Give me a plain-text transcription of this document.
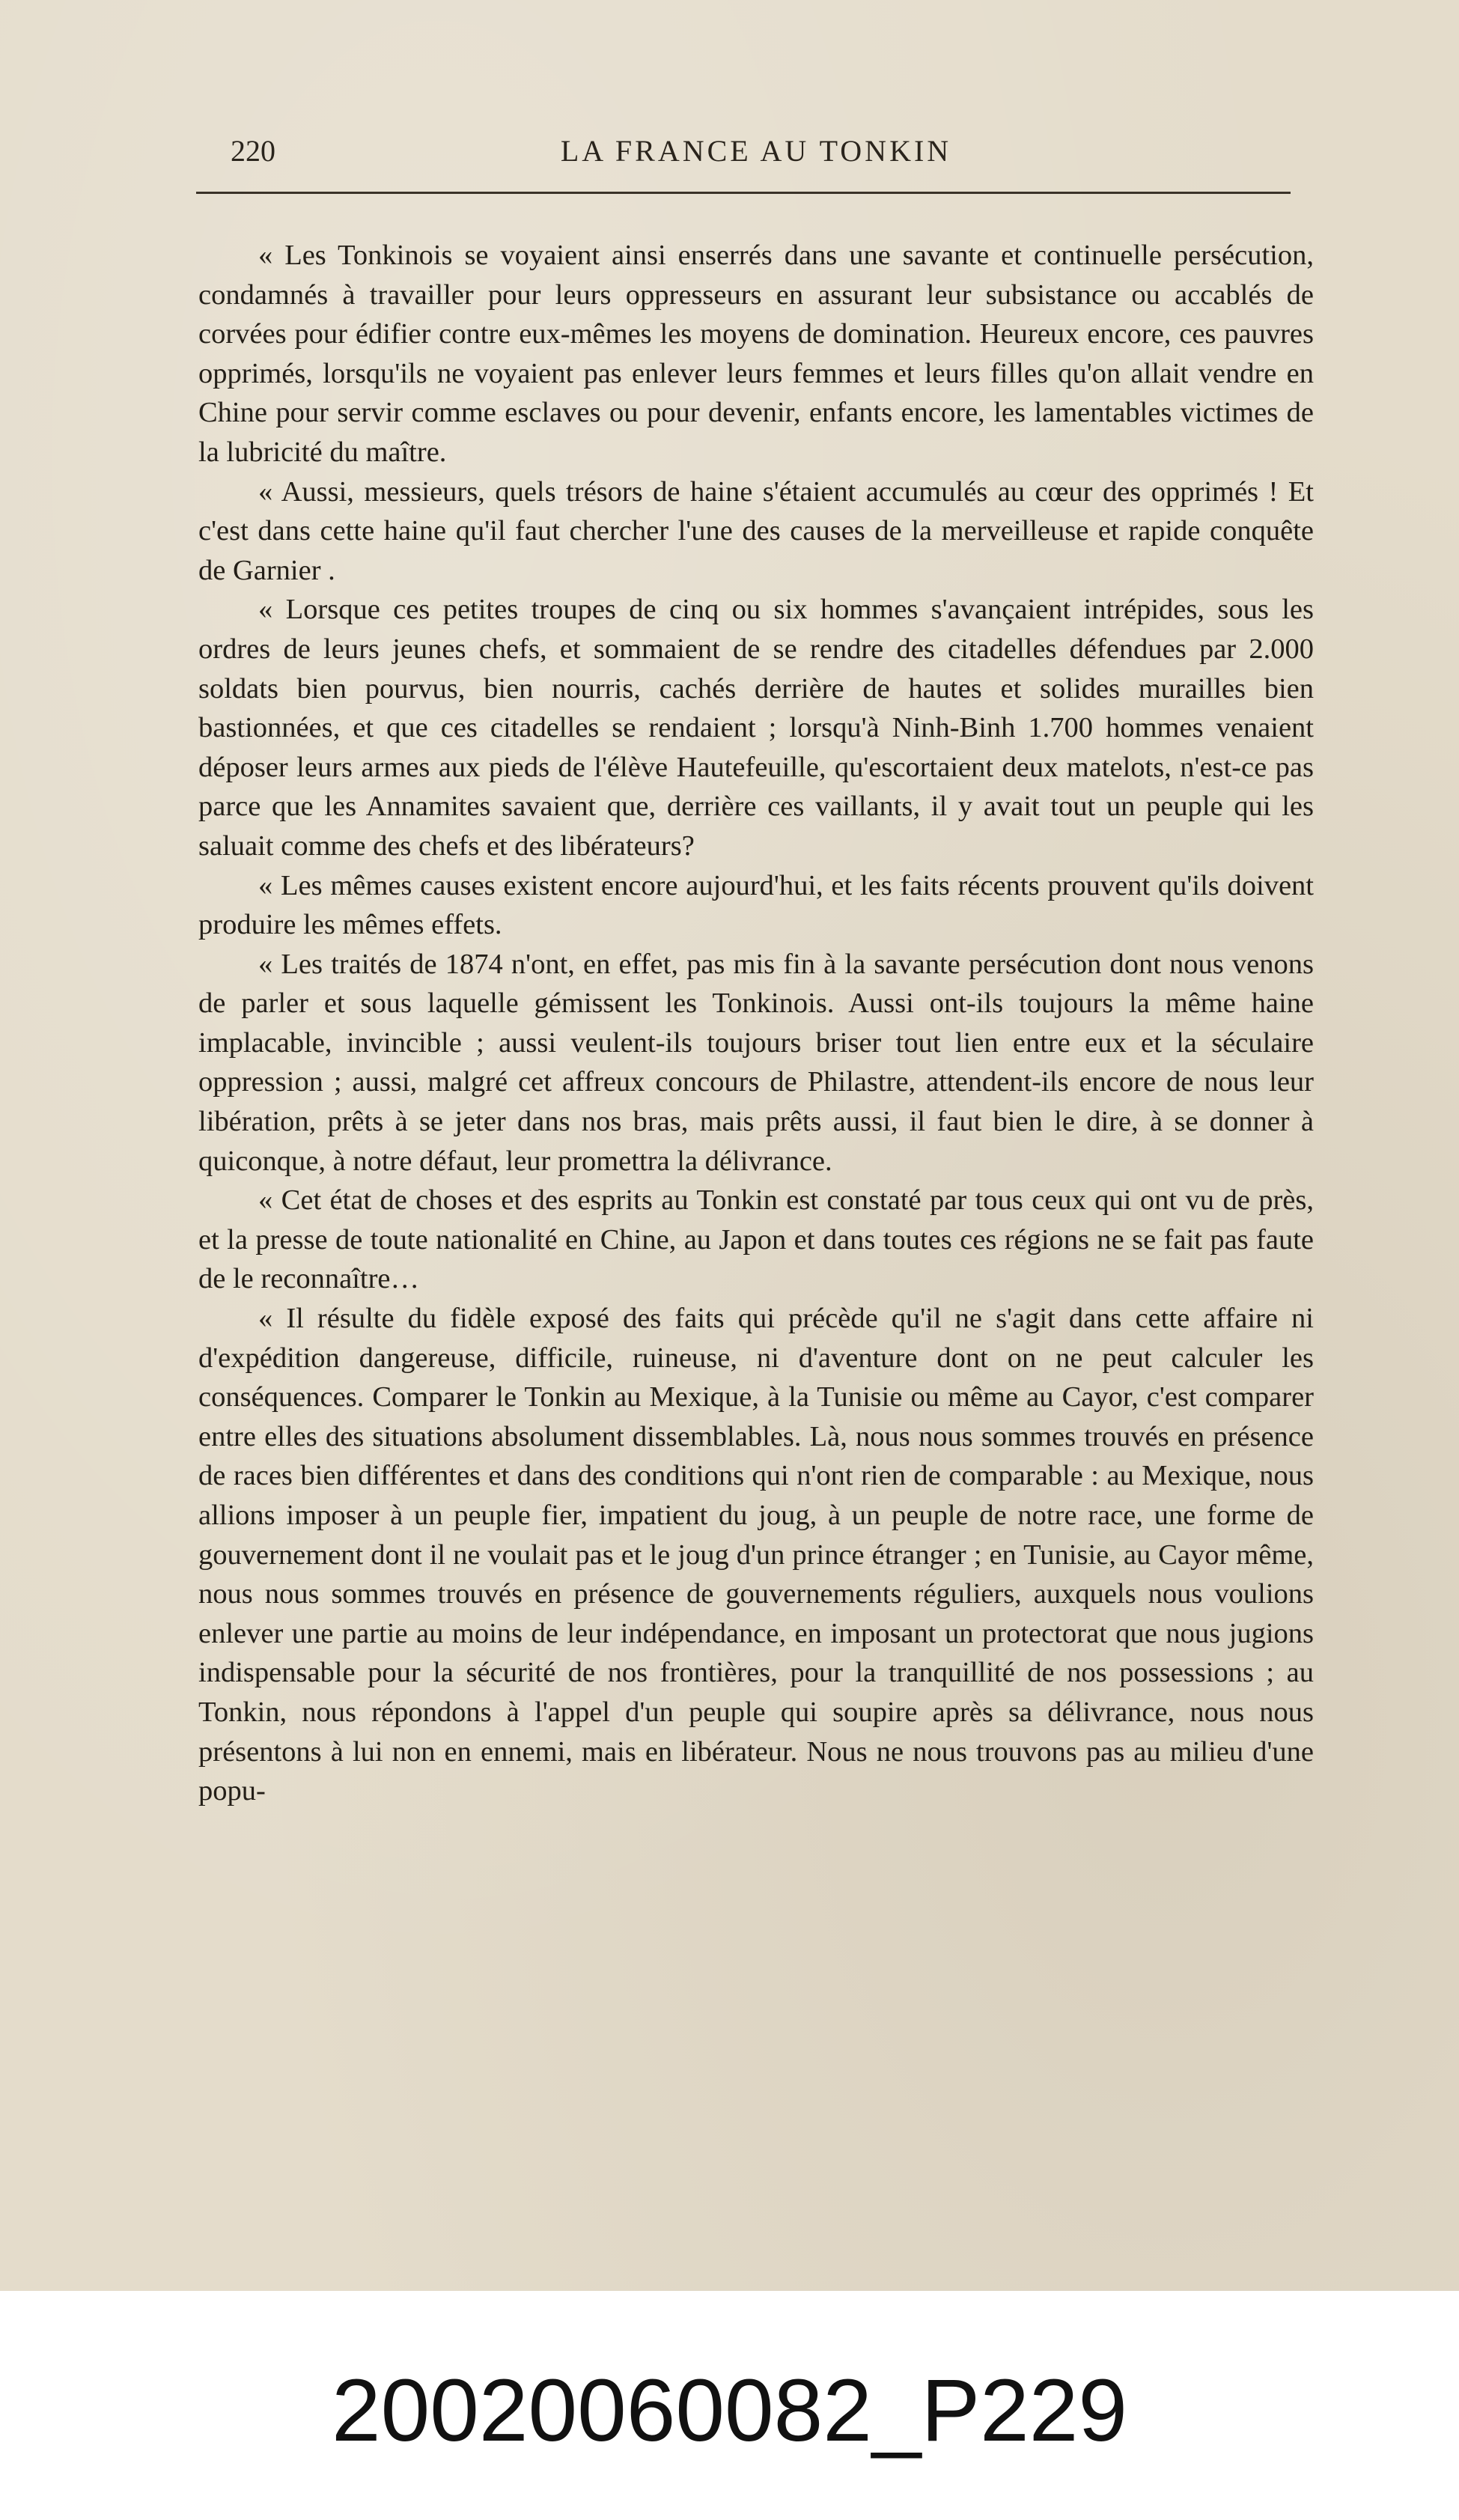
220	LA FRANCE AU TONKIN

« Les Tonkinois se voyaient ainsi enserrés dans une savante et continuelle persécution, condamnés à travailler pour leurs oppresseurs en assurant leur subsistance ou accablés de corvées pour édifier contre eux-mêmes les moyens de domination. Heureux encore, ces pauvres opprimés, lorsqu'ils ne voyaient pas enlever leurs femmes et leurs filles qu'on allait vendre en Chine pour servir comme esclaves ou pour devenir, enfants encore, les lamentables victimes de la lubricité du maître.

« Aussi, messieurs, quels trésors de haine s'étaient accumulés au cœur des opprimés ! Et c'est dans cette haine qu'il faut chercher l'une des causes de la merveilleuse et rapide conquête de Garnier .

« Lorsque ces petites troupes de cinq ou six hommes s'avançaient intrépides, sous les ordres de leurs jeunes chefs, et sommaient de se rendre des citadelles défendues par 2.000 soldats bien pourvus, bien nourris, cachés derrière de hautes et solides murailles bien bastionnées, et que ces citadelles se rendaient ; lorsqu'à Ninh-Binh 1.700 hommes venaient déposer leurs armes aux pieds de l'élève Hautefeuille, qu'escortaient deux matelots, n'est-ce pas parce que les Annamites savaient que, derrière ces vaillants, il y avait tout un peuple qui les saluait comme des chefs et des libérateurs?

« Les mêmes causes existent encore aujourd'hui, et les faits récents prouvent qu'ils doivent produire les mêmes effets.

« Les traités de 1874 n'ont, en effet, pas mis fin à la savante persécution dont nous venons de parler et sous laquelle gémissent les Tonkinois. Aussi ont-ils toujours la même haine implacable, invincible ; aussi veulent-ils toujours briser tout lien entre eux et la séculaire oppression ; aussi, malgré cet affreux concours de Philastre, attendent-ils encore de nous leur libération, prêts à se jeter dans nos bras, mais prêts aussi, il faut bien le dire, à se donner à quiconque, à notre défaut, leur promettra la délivrance.

« Cet état de choses et des esprits au Tonkin est constaté par tous ceux qui ont vu de près, et la presse de toute nationalité en Chine, au Japon et dans toutes ces régions ne se fait pas faute de le reconnaître…

« Il résulte du fidèle exposé des faits qui précède qu'il ne s'agit dans cette affaire ni d'expédition dangereuse, difficile, ruineuse, ni d'aventure dont on ne peut calculer les conséquences. Comparer le Tonkin au Mexique, à la Tunisie ou même au Cayor, c'est comparer entre elles des situations absolument dissemblables. Là, nous nous sommes trouvés en présence de races bien différentes et dans des conditions qui n'ont rien de comparable : au Mexique, nous allions imposer à un peuple fier, impatient du joug, à un peuple de notre race, une forme de gouvernement dont il ne voulait pas et le joug d'un prince étranger ; en Tunisie, au Cayor même, nous nous sommes trouvés en présence de gouvernements réguliers, auxquels nous voulions enlever une partie au moins de leur indépendance, en imposant un protectorat que nous jugions indispensable pour la sécurité de nos frontières, pour la tranquillité de nos possessions ; au Tonkin, nous répondons à l'appel d'un peuple qui soupire après sa délivrance, nous nous présentons à lui non en ennemi, mais en libérateur. Nous ne nous trouvons pas au milieu d'une popu-

20020060082_P229
